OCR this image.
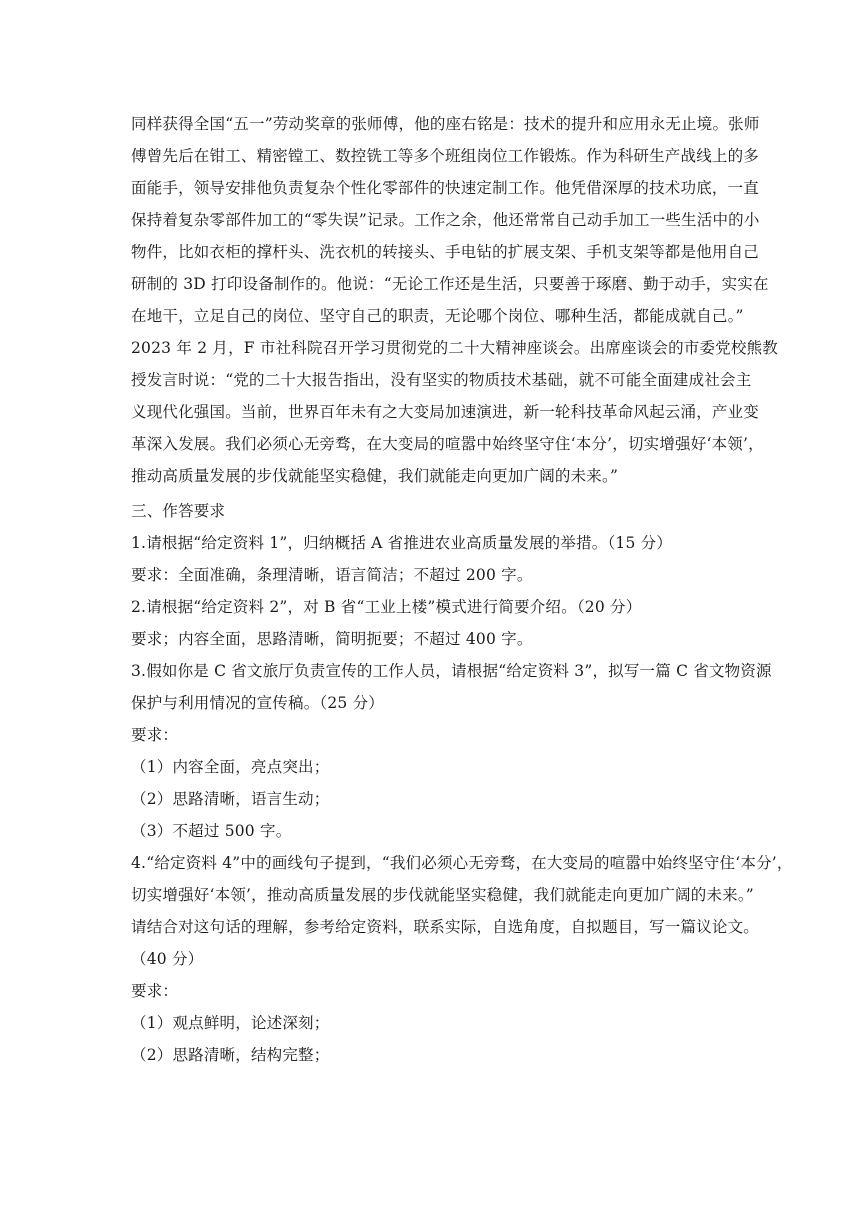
同样获得全国“五一”劳动奖章的张师傅，他的座右铭是：技术的提升和应用永无止境。张师
傅曾先后在钳工、精密镗工、数控铣工等多个班组岗位工作锻炼。作为科研生产战线上的多
面能手，领导安排他负责复杂个性化零部件的快速定制工作。他凭借深厚的技术功底，一直
保持着复杂零部件加工的“零失误”记录。工作之余，他还常常自己动手加工一些生活中的小
物件，比如衣柜的撑杆头、洗衣机的转接头、手电钻的扩展支架、手机支架等都是他用自己
研制的 3D 打印设备制作的。他说：“无论工作还是生活，只要善于琢磨、勤于动手，实实在
在地干，立足自己的岗位、坚守自己的职责，无论哪个岗位、哪种生活，都能成就自己。”
2023 年 2 月，F 市社科院召开学习贯彻党的二十大精神座谈会。出席座谈会的市委党校熊教
授发言时说：“党的二十大报告指出，没有坚实的物质技术基础，就不可能全面建成社会主
义现代化强国。当前，世界百年未有之大变局加速演进，新一轮科技革命风起云涌，产业变
革深入发展。我们必须心无旁骛，在大变局的喧嚣中始终坚守住‘本分’，切实增强好‘本领’，
推动高质量发展的步伐就能坚实稳健，我们就能走向更加广阔的未来。”
三、作答要求
1.请根据“给定资料 1”，归纳概括 A 省推进农业高质量发展的举措。（15 分）
要求：全面准确，条理清晰，语言简洁；不超过 200 字。
2.请根据“给定资料 2”，对 B 省“工业上楼”模式进行简要介绍。（20 分）
要求；内容全面，思路清晰，简明扼要；不超过 400 字。
3.假如你是 C 省文旅厅负责宣传的工作人员，请根据“给定资料 3”，拟写一篇 C 省文物资源
保护与利用情况的宣传稿。（25 分）
要求：
（1）内容全面，亮点突出；
（2）思路清晰，语言生动；
（3）不超过 500 字。
4.“给定资料 4”中的画线句子提到，“我们必须心无旁骛，在大变局的喧嚣中始终坚守住‘本分’，
切实增强好‘本领’，推动高质量发展的步伐就能坚实稳健，我们就能走向更加广阔的未来。”
请结合对这句话的理解，参考给定资料，联系实际，自选角度，自拟题目，写一篇议论文。
（40 分）
要求：
（1）观点鲜明，论述深刻；
（2）思路清晰，结构完整；
